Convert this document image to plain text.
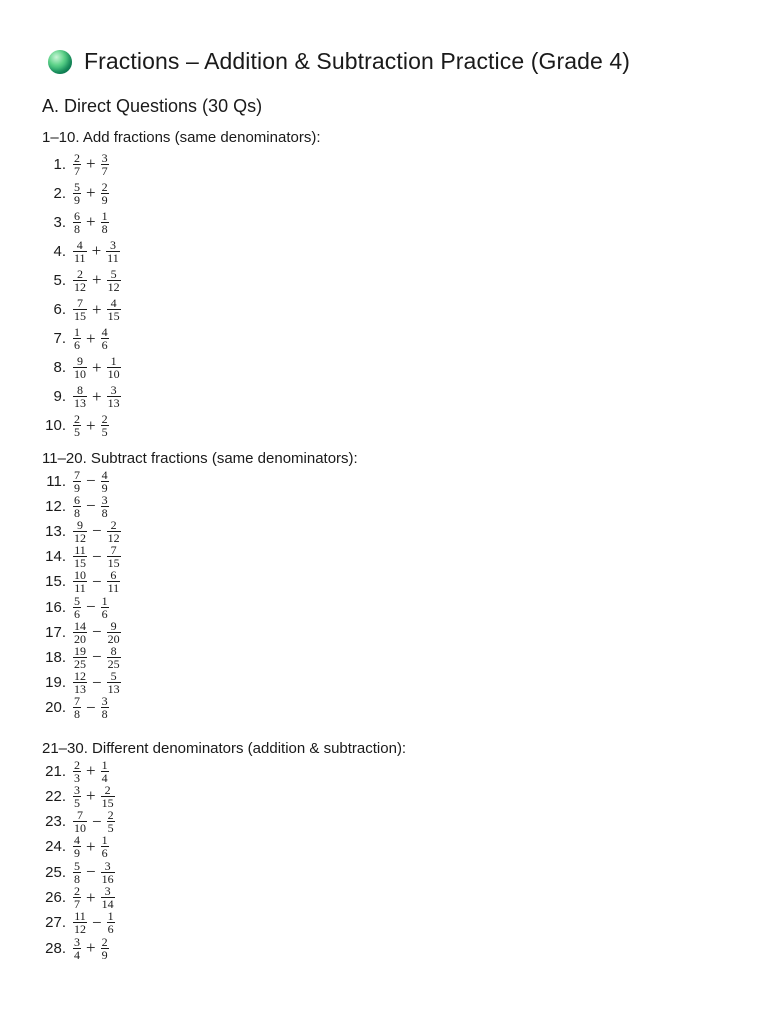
Fractions – Addition & Subtraction Practice (Grade 4)
A. Direct Questions (30 Qs)
1–10. Add fractions (same denominators):
1. $\frac{2}{7} + \frac{3}{7}$
2. $\frac{5}{9} + \frac{2}{9}$
3. $\frac{6}{8} + \frac{1}{8}$
4. $\frac{4}{11} + \frac{3}{11}$
5. $\frac{2}{12} + \frac{5}{12}$
6. $\frac{7}{15} + \frac{4}{15}$
7. $\frac{1}{6} + \frac{4}{6}$
8. $\frac{9}{10} + \frac{1}{10}$
9. $\frac{8}{13} + \frac{3}{13}$
10. $\frac{2}{5} + \frac{2}{5}$
11–20. Subtract fractions (same denominators):
11. $\frac{7}{9} - \frac{4}{9}$
12. $\frac{6}{8} - \frac{3}{8}$
13. $\frac{9}{12} - \frac{2}{12}$
14. $\frac{11}{15} - \frac{7}{15}$
15. $\frac{10}{11} - \frac{6}{11}$
16. $\frac{5}{6} - \frac{1}{6}$
17. $\frac{14}{20} - \frac{9}{20}$
18. $\frac{19}{25} - \frac{8}{25}$
19. $\frac{12}{13} - \frac{5}{13}$
20. $\frac{7}{8} - \frac{3}{8}$
21–30. Different denominators (addition & subtraction):
21. $\frac{2}{3} + \frac{1}{4}$
22. $\frac{3}{5} + \frac{2}{15}$
23. $\frac{7}{10} - \frac{2}{5}$
24. $\frac{4}{9} + \frac{1}{6}$
25. $\frac{5}{8} - \frac{3}{16}$
26. $\frac{2}{7} + \frac{3}{14}$
27. $\frac{11}{12} - \frac{1}{6}$
28. $\frac{3}{4} + \frac{2}{9}$
